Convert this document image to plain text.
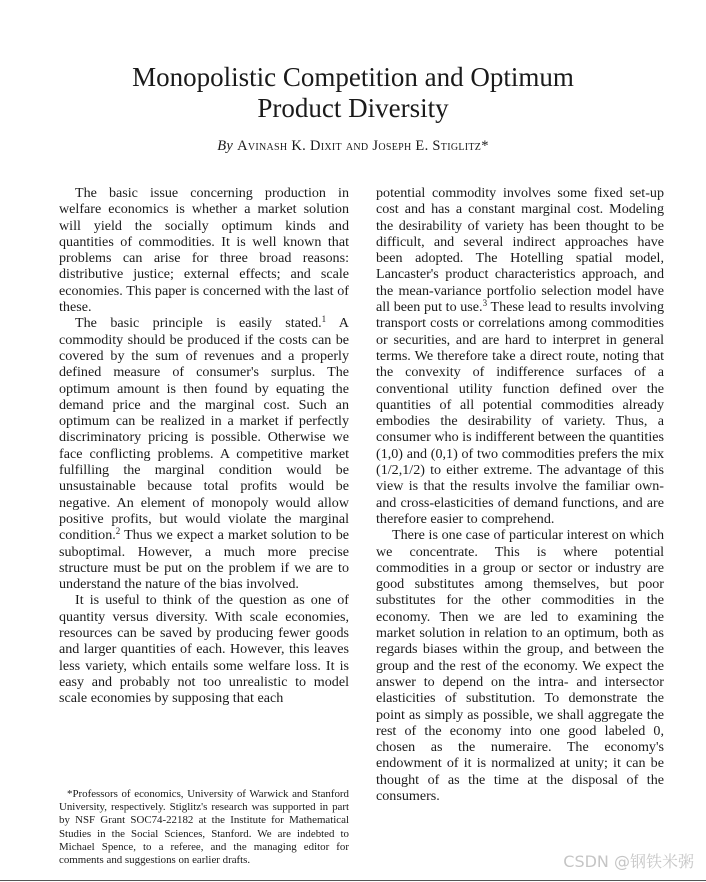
Monopolistic Competition and Optimum
Product Diversity
By Avinash K. Dixit and Joseph E. Stiglitz*

The basic issue concerning production in welfare economics is whether a market solution will yield the socially optimum kinds and quantities of commodities. It is well known that problems can arise for three broad reasons: distributive justice; external effects; and scale economies. This paper is concerned with the last of these.

The basic principle is easily stated.$^1$ A commodity should be produced if the costs can be covered by the sum of revenues and a properly defined measure of consumer's surplus. The optimum amount is then found by equating the demand price and the marginal cost. Such an optimum can be realized in a market if perfectly discriminatory pricing is possible. Otherwise we face conflicting problems. A competitive market fulfilling the marginal condition would be unsustainable because total profits would be negative. An element of monopoly would allow positive profits, but would violate the marginal condition.$^2$ Thus we expect a market solution to be suboptimal. However, a much more precise structure must be put on the problem if we are to understand the nature of the bias involved.

It is useful to think of the question as one of quantity versus diversity. With scale economies, resources can be saved by producing fewer goods and larger quantities of each. However, this leaves less variety, which entails some welfare loss. It is easy and probably not too unrealistic to model scale economies by supposing that each

*Professors of economics, University of Warwick and Stanford University, respectively. Stiglitz's research was supported in part by NSF Grant SOC74-22182 at the Institute for Mathematical Studies in the Social Sciences, Stanford. We are indebted to Michael Spence, to a referee, and the managing editor for comments and suggestions on earlier drafts.

potential commodity involves some fixed set-up cost and has a constant marginal cost. Modeling the desirability of variety has been thought to be difficult, and several indirect approaches have been adopted. The Hotelling spatial model, Lancaster's product characteristics approach, and the mean-variance portfolio selection model have all been put to use.$^3$ These lead to results involving transport costs or correlations among commodities or securities, and are hard to interpret in general terms. We therefore take a direct route, noting that the convexity of indifference surfaces of a conventional utility function defined over the quantities of all potential commodities already embodies the desirability of variety. Thus, a consumer who is indifferent between the quantities (1,0) and (0,1) of two commodities prefers the mix (1/2,1/2) to either extreme. The advantage of this view is that the results involve the familiar own- and cross-elasticities of demand functions, and are therefore easier to comprehend.

There is one case of particular interest on which we concentrate. This is where potential commodities in a group or sector or industry are good substitutes among themselves, but poor substitutes for the other commodities in the economy. Then we are led to examining the market solution in relation to an optimum, both as regards biases within the group, and between the group and the rest of the economy. We expect the answer to depend on the intra- and intersector elasticities of substitution. To demonstrate the point as simply as possible, we shall aggregate the rest of the economy into one good labeled 0, chosen as the numeraire. The economy's endowment of it is normalized at unity; it can be thought of as the time at the disposal of the consumers.

CSDN @钢铁米粥
